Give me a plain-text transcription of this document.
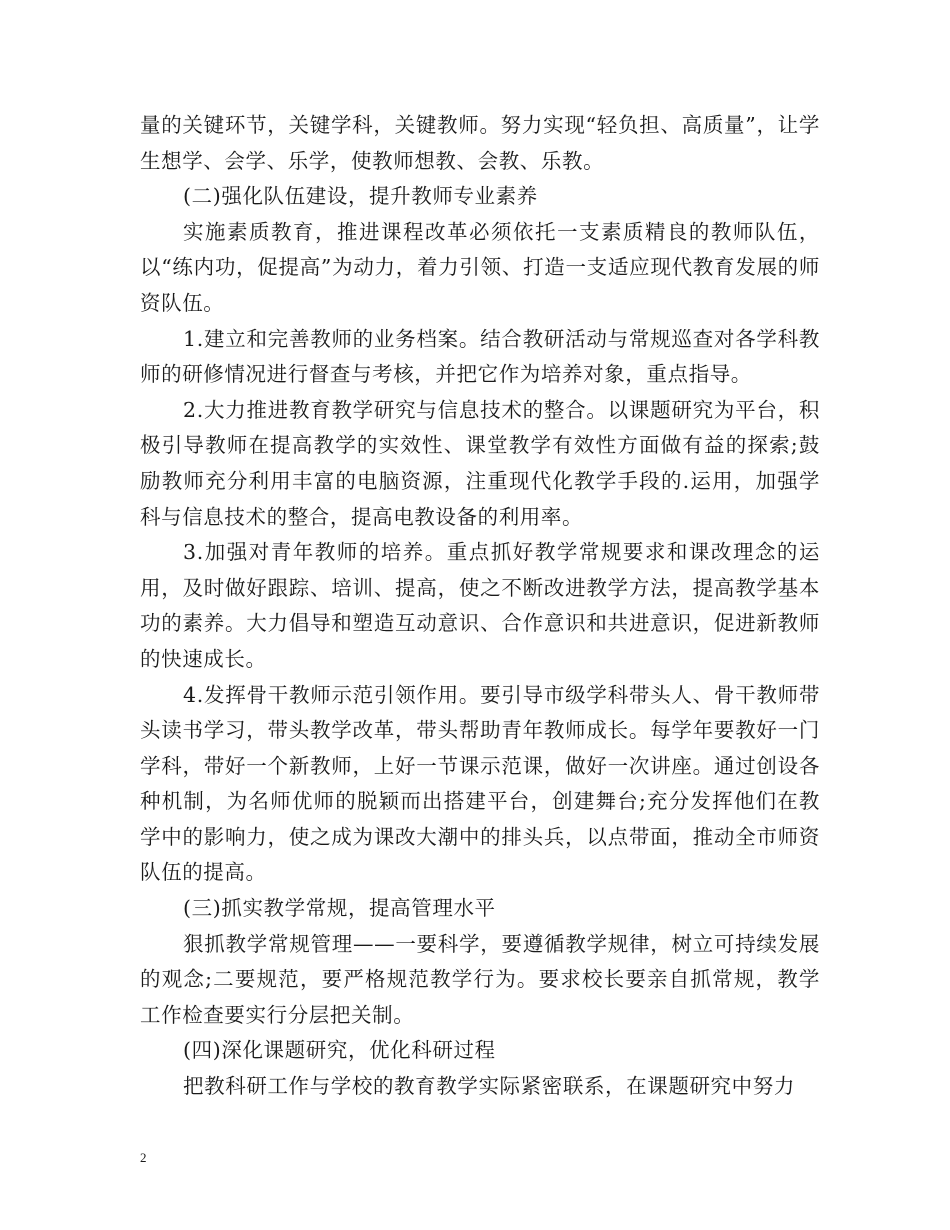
量的关键环节，关键学科，关键教师。努力实现“轻负担、高质量”，让学生想学、会学、乐学，使教师想教、会教、乐教。

(二)强化队伍建设，提升教师专业素养

实施素质教育，推进课程改革必须依托一支素质精良的教师队伍，以“练内功，促提高”为动力，着力引领、打造一支适应现代教育发展的师资队伍。

1.建立和完善教师的业务档案。结合教研活动与常规巡查对各学科教师的研修情况进行督查与考核，并把它作为培养对象，重点指导。

2.大力推进教育教学研究与信息技术的整合。以课题研究为平台，积极引导教师在提高教学的实效性、课堂教学有效性方面做有益的探索;鼓励教师充分利用丰富的电脑资源，注重现代化教学手段的.运用，加强学科与信息技术的整合，提高电教设备的利用率。

3.加强对青年教师的培养。重点抓好教学常规要求和课改理念的运用，及时做好跟踪、培训、提高，使之不断改进教学方法，提高教学基本功的素养。大力倡导和塑造互动意识、合作意识和共进意识，促进新教师的快速成长。

4.发挥骨干教师示范引领作用。要引导市级学科带头人、骨干教师带头读书学习，带头教学改革，带头帮助青年教师成长。每学年要教好一门学科，带好一个新教师，上好一节课示范课，做好一次讲座。通过创设各种机制，为名师优师的脱颖而出搭建平台，创建舞台;充分发挥他们在教学中的影响力，使之成为课改大潮中的排头兵，以点带面，推动全市师资队伍的提高。

(三)抓实教学常规，提高管理水平

狠抓教学常规管理——一要科学，要遵循教学规律，树立可持续发展的观念;二要规范，要严格规范教学行为。要求校长要亲自抓常规，教学工作检查要实行分层把关制。

(四)深化课题研究，优化科研过程

把教科研工作与学校的教育教学实际紧密联系，在课题研究中努力

2
